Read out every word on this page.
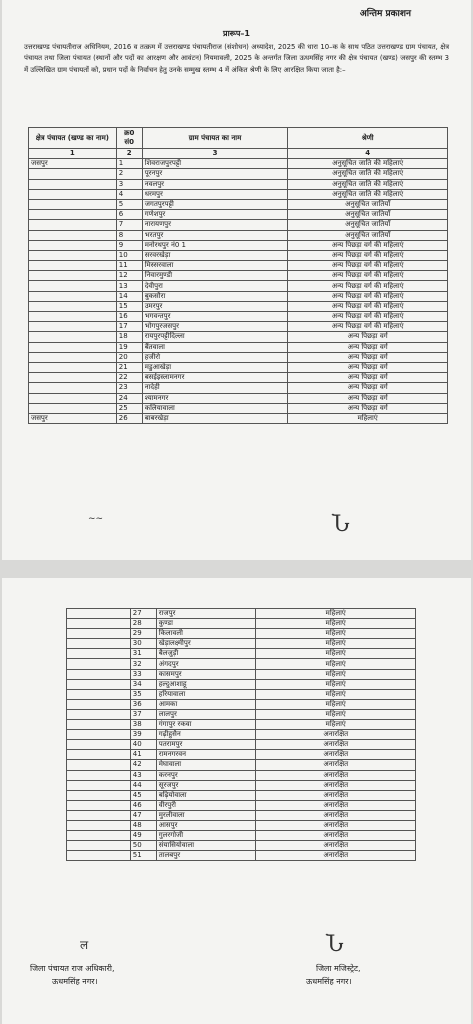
अन्तिम प्रकाशन
प्रारूप–1
उत्तराखण्ड पंचायतीराज अधिनियम, 2016 व तत्क्रम में उत्तराखण्ड पंचायतीराज (संशोधन) अध्यादेश, 2025 की धारा 10–क के साथ पठित उत्तराखण्ड ग्राम पंचायत, क्षेत्र पंचायत तथा जिला पंचायत (स्थानों और पदों का आरक्षण और आवंटन) नियमावली, 2025 के अन्तर्गत जिला ऊधमसिंह नगर की क्षेत्र पंचायत (खण्ड) जसपुर की स्तम्भ 3 में उल्लिखित ग्राम पंचायतों को, प्रधान पदों के निर्वाचन हेतु उनके सम्मुख स्तम्भ 4 में अंकित श्रेणी के लिए आरक्षित किया जाता है:–
क्षेत्र पंचायत (खण्ड का नाम)	क्र0 सं0	ग्राम पंचायत का नाम	श्रेणी
1	2	3	4
जसपुर	1	शिवराजपुरपट्टी	अनुसूचित जाति की महिलाएं
	2	पूरनपुर	अनुसूचित जाति की महिलाएं
	3	नवलपुर	अनुसूचित जाति की महिलाएं
	4	धरमपुर	अनुसूचित जाति की महिलाएं
	5	जगतपुरपट्टी	अनुसूचित जातियाँ
	6	गणेशपुर	अनुसूचित जातियाँ
	7	नारायणपुर	अनुसूचित जातियाँ
	8	भरतपुर	अनुसूचित जातियाँ
	9	मनोरथपुर नं0 1	अन्य पिछड़ा वर्ग की महिलाएं
	10	सरवरखेड़ा	अन्य पिछड़ा वर्ग की महिलाएं
	11	मिस्सरवाला	अन्य पिछड़ा वर्ग की महिलाएं
	12	निवारमुण्डी	अन्य पिछड़ा वर्ग की महिलाएं
	13	देवीपुरा	अन्य पिछड़ा वर्ग की महिलाएं
	14	बुकसौरा	अन्य पिछड़ा वर्ग की महिलाएं
	15	उमरपुर	अन्य पिछड़ा वर्ग की महिलाएं
	16	भगवन्तपुर	अन्य पिछड़ा वर्ग की महिलाएं
	17	भोगपुरजसपुर	अन्य पिछड़ा वर्ग की महिलाएं
	18	रायपुरपट्टीदिल्ला	अन्य पिछड़ा वर्ग
	19	बैंतवाला	अन्य पिछड़ा वर्ग
	20	हजीरो	अन्य पिछड़ा वर्ग
	21	मडुआखेड़ा	अन्य पिछड़ा वर्ग
	22	बसईइस्लामनगर	अन्य पिछड़ा वर्ग
	23	नादेही	अन्य पिछड़ा वर्ग
	24	श्यामनगर	अन्य पिछड़ा वर्ग
	25	कलियावाला	अन्य पिछड़ा वर्ग
जसपुर	26	बाबरखेड़ा	महिलाएं
~~	Ն
	27	राजपुर	महिलाएं
	28	कुण्डा	महिलाएं
	29	किलावली	महिलाएं
	30	खेड़ालक्ष्मीपुर	महिलाएं
	31	बैलजुड़ी	महिलाएं
	32	अंगदपुर	महिलाएं
	33	कासमपुर	महिलाएं
	34	हल्दुआशाहू	महिलाएं
	35	हरियावाला	महिलाएं
	36	आमका	महिलाएं
	37	लालपुर	महिलाएं
	38	गंगापुर रकवा	महिलाएं
	39	गढ़ीहुसैन	अनारक्षित
	40	पतरामपुर	अनारक्षित
	41	रामनगरवन	अनारक्षित
	42	मेघावाला	अनारक्षित
	43	करनपुर	अनारक्षित
	44	सूरजपुर	अनारक्षित
	45	बढ़ियोवाला	अनारक्षित
	46	वीरपुरी	अनारक्षित
	47	मुरलीवाला	अनारक्षित
	48	आसपुर	अनारक्षित
	49	गुलरगोजी	अनारक्षित
	50	संयासियोवाला	अनारक्षित
	51	तालबपुर	अनारक्षित
ल	Ն
जिला पंचायत राज अधिकारी,
ऊधमसिंह नगर।
जिला मजिस्ट्रेट,
ऊधमसिंह नगर।
